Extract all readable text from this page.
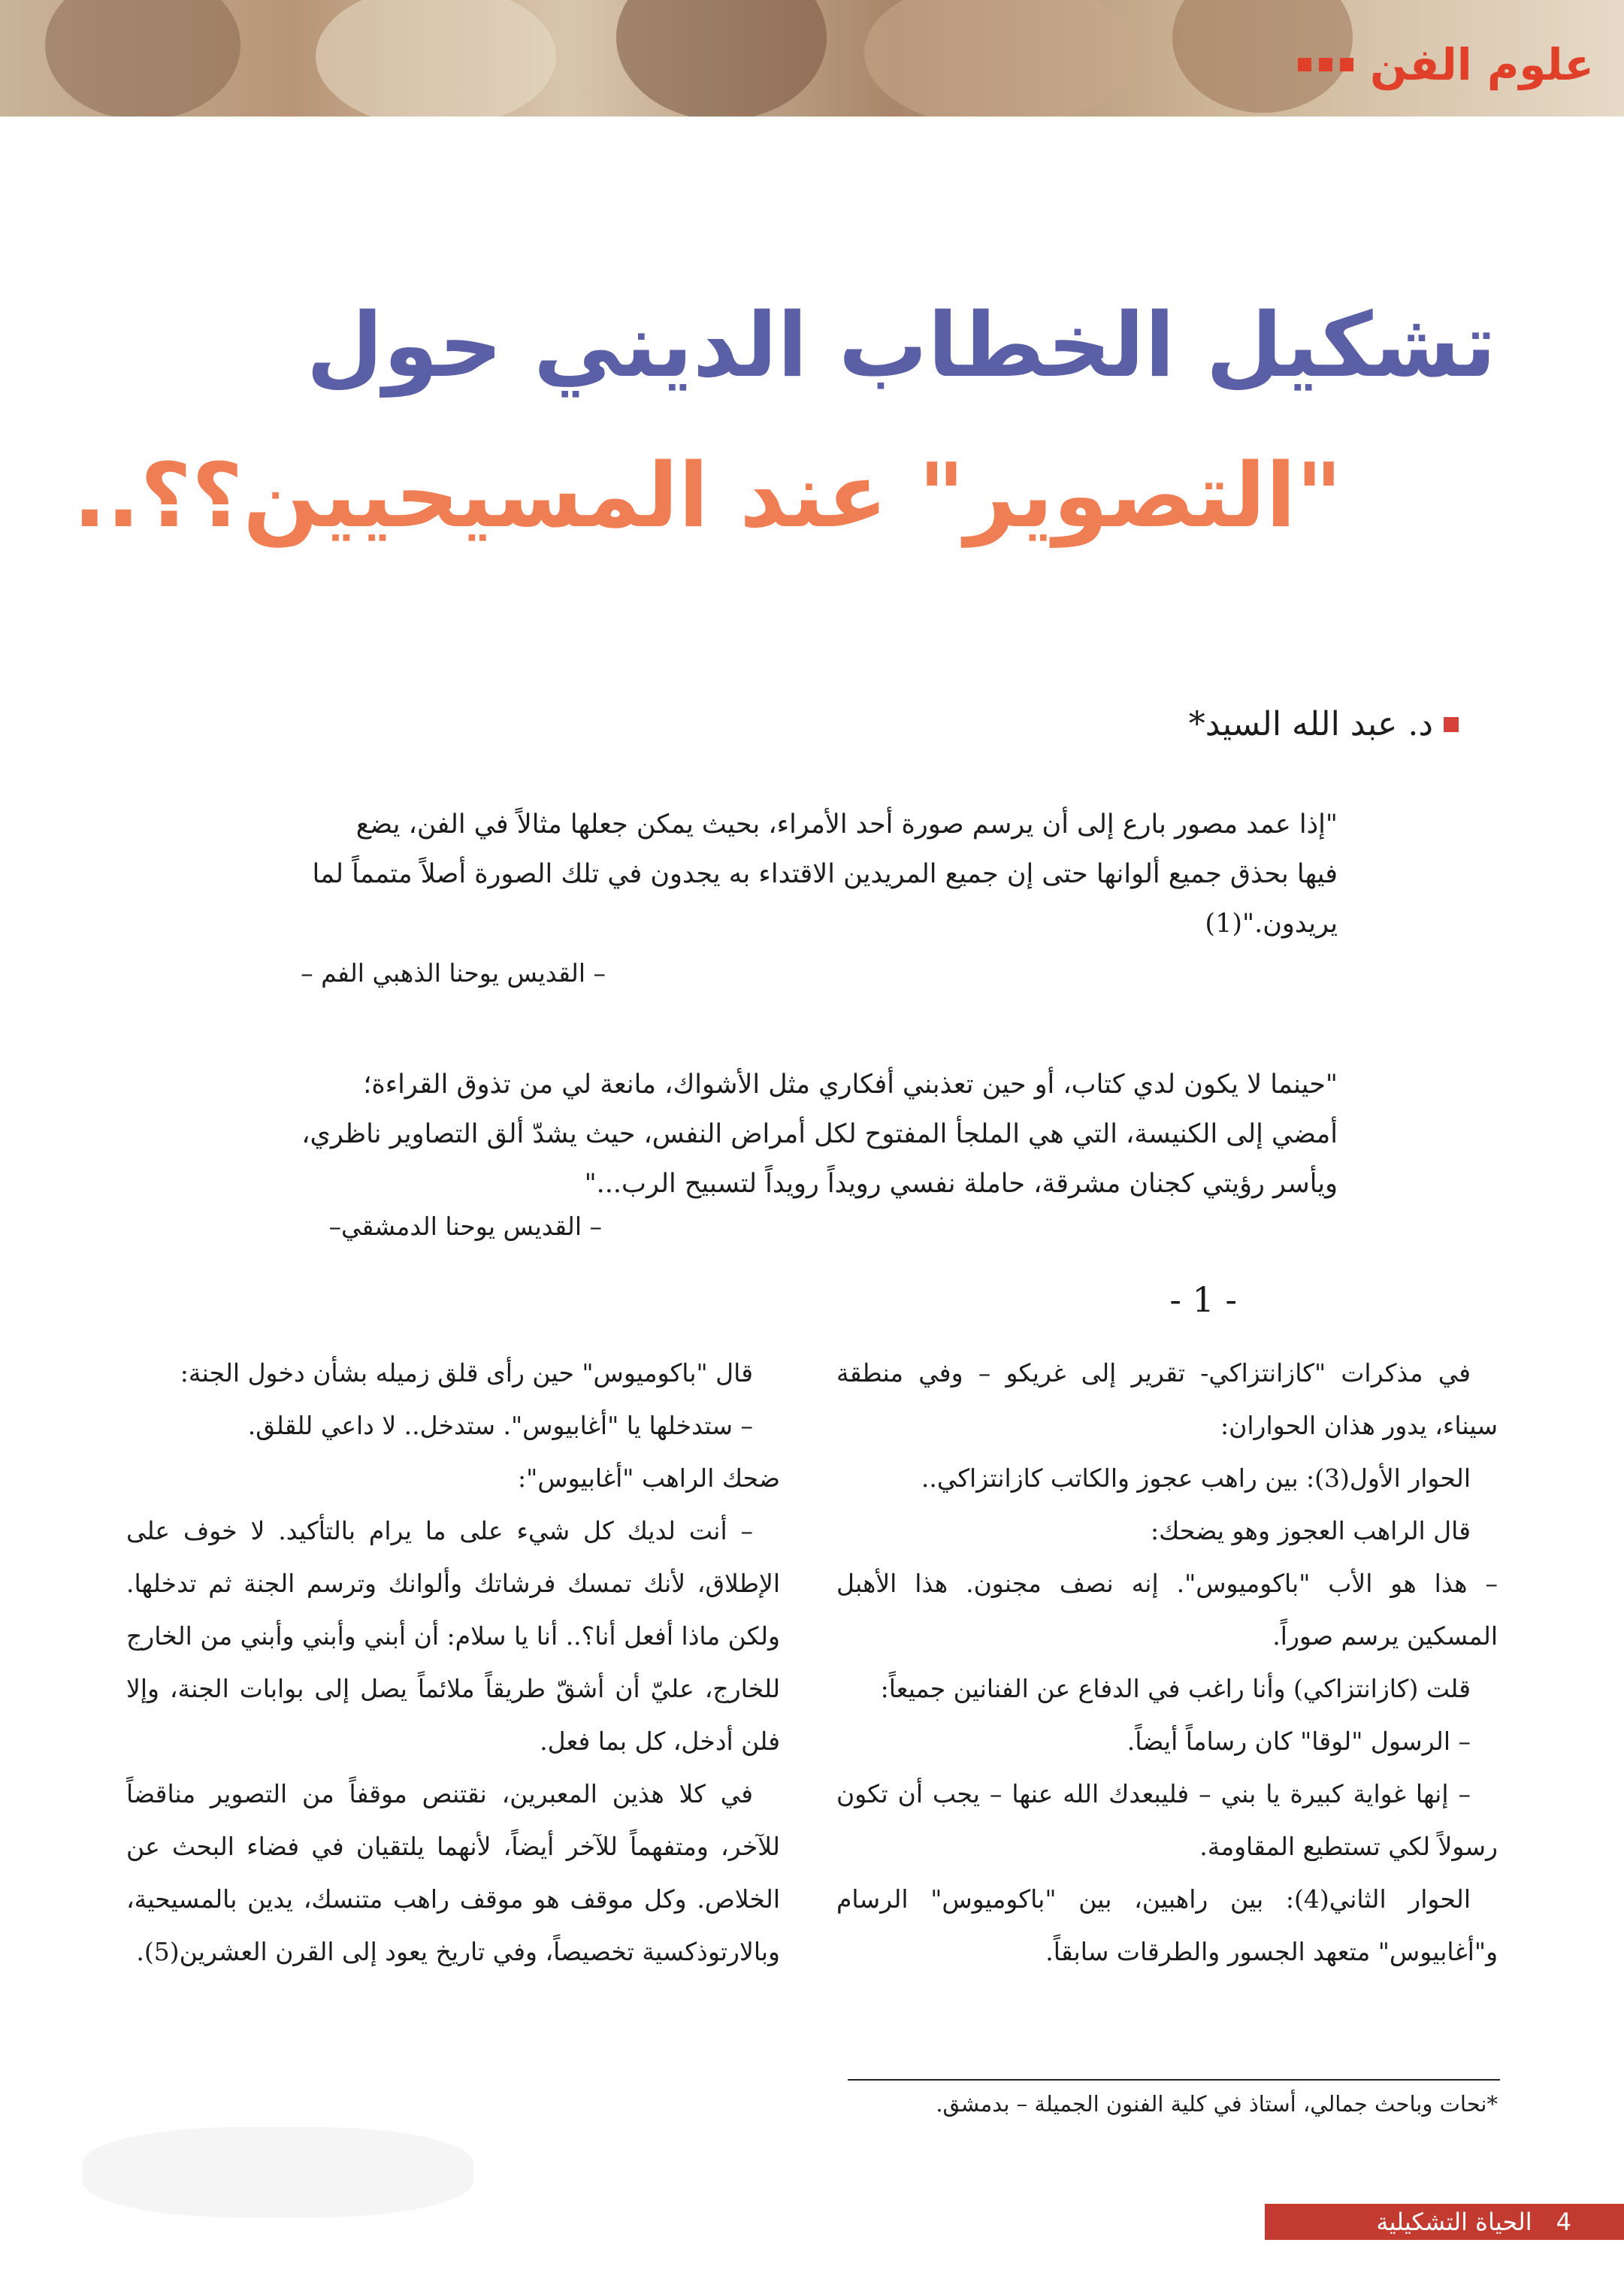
علوم الفن
تشكيل الخطاب الديني حول
"التصوير" عند المسيحيين؟؟..
د. عبد الله السيد*

"إذا عمد مصور بارع إلى أن يرسم صورة أحد الأمراء، بحيث يمكن جعلها مثالاً في الفن، يضع

فيها بحذق جميع ألوانها حتى إن جميع المريدين الاقتداء به يجدون في تلك الصورة أصلاً متمماً لما

يريدون."(1)

– القديس يوحنا الذهبي الفم –

"حينما لا يكون لدي كتاب، أو حين تعذبني أفكاري مثل الأشواك، مانعة لي من تذوق القراءة؛

أمضي إلى الكنيسة، التي هي الملجأ المفتوح لكل أمراض النفس، حيث يشدّ ألق التصاوير ناظري،

ويأسر رؤيتي كجنان مشرقة، حاملة نفسي رويداً رويداً لتسبيح الرب..."

– القديس يوحنا الدمشقي–
- 1 -

في مذكرات "كازانتزاكي- تقرير إلى غريكو – وفي منطقة سيناء، يدور هذان الحواران:

الحوار الأول(3): بين راهب عجوز والكاتب كازانتزاكي..

قال الراهب العجوز وهو يضحك:

– هذا هو الأب "باكوميوس". إنه نصف مجنون. هذا الأهبل المسكين يرسم صوراً.

قلت (كازانتزاكي) وأنا راغب في الدفاع عن الفنانين جميعاً:

– الرسول "لوقا" كان رساماً أيضاً.

– إنها غواية كبيرة يا بني – فليبعدك الله عنها – يجب أن تكون رسولاً لكي تستطيع المقاومة.

الحوار الثاني(4): بين راهبين، بين "باكوميوس" الرسام و"أغابيوس" متعهد الجسور والطرقات سابقاً.

قال "باكوميوس" حين رأى قلق زميله بشأن دخول الجنة:

– ستدخلها يا "أغابيوس". ستدخل.. لا داعي للقلق.

ضحك الراهب "أغابيوس":

– أنت لديك كل شيء على ما يرام بالتأكيد. لا خوف على الإطلاق، لأنك تمسك فرشاتك وألوانك وترسم الجنة ثم تدخلها. ولكن ماذا أفعل أنا؟.. أنا يا سلام: أن أبني وأبني وأبني من الخارج للخارج، عليّ أن أشقّ طريقاً ملائماً يصل إلى بوابات الجنة، وإلا فلن أدخل، كل بما فعل.

في كلا هذين المعبرين، نقتنص موقفاً من التصوير مناقضاً للآخر، ومتفهماً للآخر أيضاً، لأنهما يلتقيان في فضاء البحث عن الخلاص. وكل موقف هو موقف راهب متنسك، يدين بالمسيحية، وبالارتوذكسية تخصيصاً، وفي تاريخ يعود إلى القرن العشرين(5).

*نحات وباحث جمالي، أستاذ في كلية الفنون الجميلة – بدمشق.
4
الحياة التشكيلية
